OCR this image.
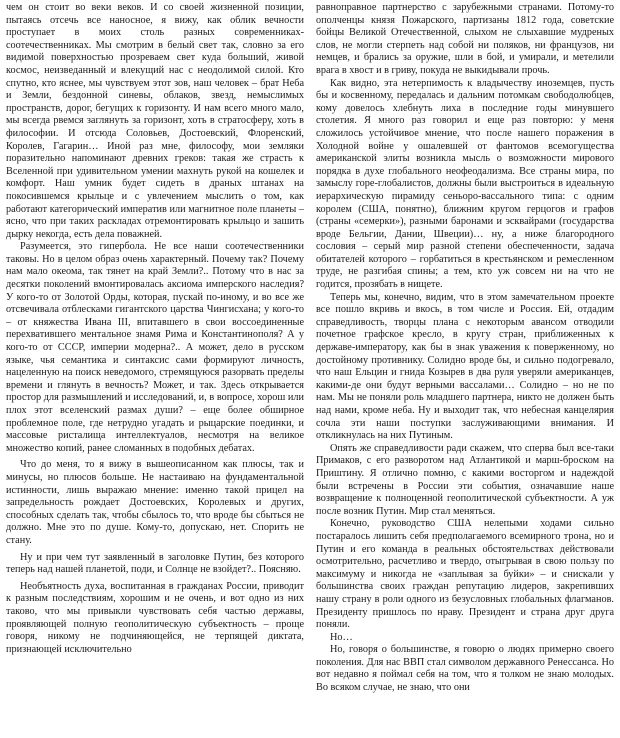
чем он стоит во веки веков. И со своей жизненной позиции, пытаясь отсечь все наносное, я вижу, как облик вечности проступает в моих столь разных современниках-соотечественниках. Мы смотрим в белый свет так, словно за его видимой поверхностью прозреваем свет куда больший, живой космос, неизведанный и влекущий нас с неодолимой силой. Кто спутно, кто яснее, мы чувствуем этот зов, наш человек – брат Неба и Земли, бездонной синевы, облаков, звезд, немыслимых пространств, дорог, бегущих к горизонту. И нам всего много мало, мы всегда рвемся заглянуть за горизонт, хоть в стратосферу, хоть в философии. И отсюда Соловьев, Достоевский, Флоренский, Королев, Гагарин… Иной раз мне, философу, мои земляки поразительно напоминают древних греков: такая же страсть к Вселенной при удивительном умении махнуть рукой на кошелек и комфорт. Наш умник будет сидеть в драных штанах на покосившемся крыльце и с увлечением мыслить о том, как работают категорический императив или магнитное поле планеты – ясно, что при таких раскладах отремонтировать крыльцо и зашить дырку некогда, есть дела поважней.

Разумеется, это гипербола. Не все наши соотечественники таковы. Но в целом образ очень характерный. Почему так? Почему нам мало океома, так тянет на край Земли?.. Потому что в нас за десятки поколений вмонтировалась аксиома имперского наследия? У кого-то от Золотой Орды, которая, пускай по-иному, и во все же отсвечивала отблесками гигантского царства Чингисхана; у кого-то – от княжества Ивана III, впитавшего в свои воссоединенные перехватившего ментальное знамя Рима и Константинополя? А у кого-то от СССР, империи модерна?.. А может, дело в русском языке, чья семантика и синтаксис сами формируют личность, нацеленную на поиск неведомого, стремящуюся разорвать пределы времени и глянуть в вечность? Может, и так. Здесь открывается простор для размышлений и исследований, и, в вопросе, хорош или плох этот вселенский размах души? – еще более обширное проблемное поле, где нетрудно угадать и рыцарские поединки, и массовые ристалища интеллектуалов, несмотря на великое множество копий, ранее сломанных в подобных дебатах.

Что до меня, то я вижу в вышеописанном как плюсы, так и минусы, но плюсов больше. Не настаиваю на фундаментальной истинности, лишь выражаю мнение: именно такой прицел на запредельность рождает Достоевских, Королевых и других, способных сделать так, чтобы сбылось то, что вроде бы сбыться не должно. Мне это по душе. Кому-то, допускаю, нет. Спорить не стану.

Ну и при чем тут заявленный в заголовке Путин, без которого теперь над нашей планетой, поди, и Солнце не взойдет?.. Поясняю.

Необъятность духа, воспитанная в гражданах России, приводит к разным последствиям, хорошим и не очень, и вот одно из них таково, что мы привыкли чувствовать себя частью державы, проявляющей полную геополитическую субъектность – проще говоря, никому не подчиняющейся, не терпящей диктата, признающей исключительно

равноправное партнерство с зарубежными странами. Потому-то ополченцы князя Пожарского, партизаны 1812 года, советские бойцы Великой Отечественной, слыхом не слыхавшие мудреных слов, не могли стерпеть над собой ни поляков, ни французов, ни немцев, и брались за оружие, шли в бой, и умирали, и метелили врага в хвост и в гриву, покуда не выкидывали прочь.

Как видно, эта нетерпимость к владычеству иноземцев, пусть бы и косвенному, передалась и дальним потомкам свободолюбцев, кому довелось хлебнуть лиха в последние годы минувшего столетия. Я много раз говорил и еще раз повторю: у меня сложилось устойчивое мнение, что после нашего поражения в Холодной войне у ошалевшей от фантомов всемогущества американской элиты возникла мысль о возможности мирового порядка в духе глобального неофеодализма. Все страны мира, по замыслу горе-глобалистов, должны были выстроиться в идеальную иерархическую пирамиду сеньоро-вассального типа: с одним королем (США, понятно), ближним кругом герцогов и графов (страны «семерки»), разными баронами и эсквайрами (государства вроде Бельгии, Дании, Швеции)… ну, а ниже благородного сословия – серый мир разной степени обеспеченности, задача обитателей которого – горбатиться в крестьянском и ремесленном труде, не разгибая спины; а тем, кто уж совсем ни на что не годится, прозябать в нищете.

Теперь мы, конечно, видим, что в этом замечательном проекте все пошло вкривь и вкось, в том числе и Россия. Ей, отдадим справедливость, творцы плана с некоторым авансом отводили почетное графское кресло, в кругу стран, приближенных к державе-императору, как бы в знак уважения к поверженному, но достойному противнику. Солидно вроде бы, и сильно подогревало, что наш Ельцин и гнида Козырев в два руля уверяли американцев, какими-де они будут верными вассалами… Солидно – но не по нам. Мы не поняли роль младшего партнера, никто не должен быть над нами, кроме неба. Ну и выходит так, что небесная канцелярия сочла эти наши поступки заслуживающими внимания. И откликнулась на них Путиным.

Опять же справедливости ради скажем, что сперва был все-таки Примаков, с его разворотом над Атлантикой и марш-броском на Приштину. Я отлично помню, с какими восторгом и надеждой были встречены в России эти события, означавшие наше возвращение к полноценной геополитической субъектности. А уж после возник Путин. Мир стал меняться.

Конечно, руководство США нелепыми ходами сильно постаралось лишить себя предполагаемого всемирного трона, но и Путин и его команда в реальных обстоятельствах действовали осмотрительно, расчетливо и твердо, отыгрывая в свою пользу по максимуму и никогда не «заплывая за буйки» – и снискали у большинства своих граждан репутацию лидеров, закрепивших нашу страну в роли одного из безусловных глобальных флагманов. Президенту пришлось по нраву. Президент и страна друг друга поняли.

Но…

Но, говоря о большинстве, я говорю о людях примерно своего поколения. Для нас ВВП стал символом державного Ренессанса. Но вот недавно я поймал себя на том, что я толком не знаю молодых. Во всяком случае, не знаю, что они
